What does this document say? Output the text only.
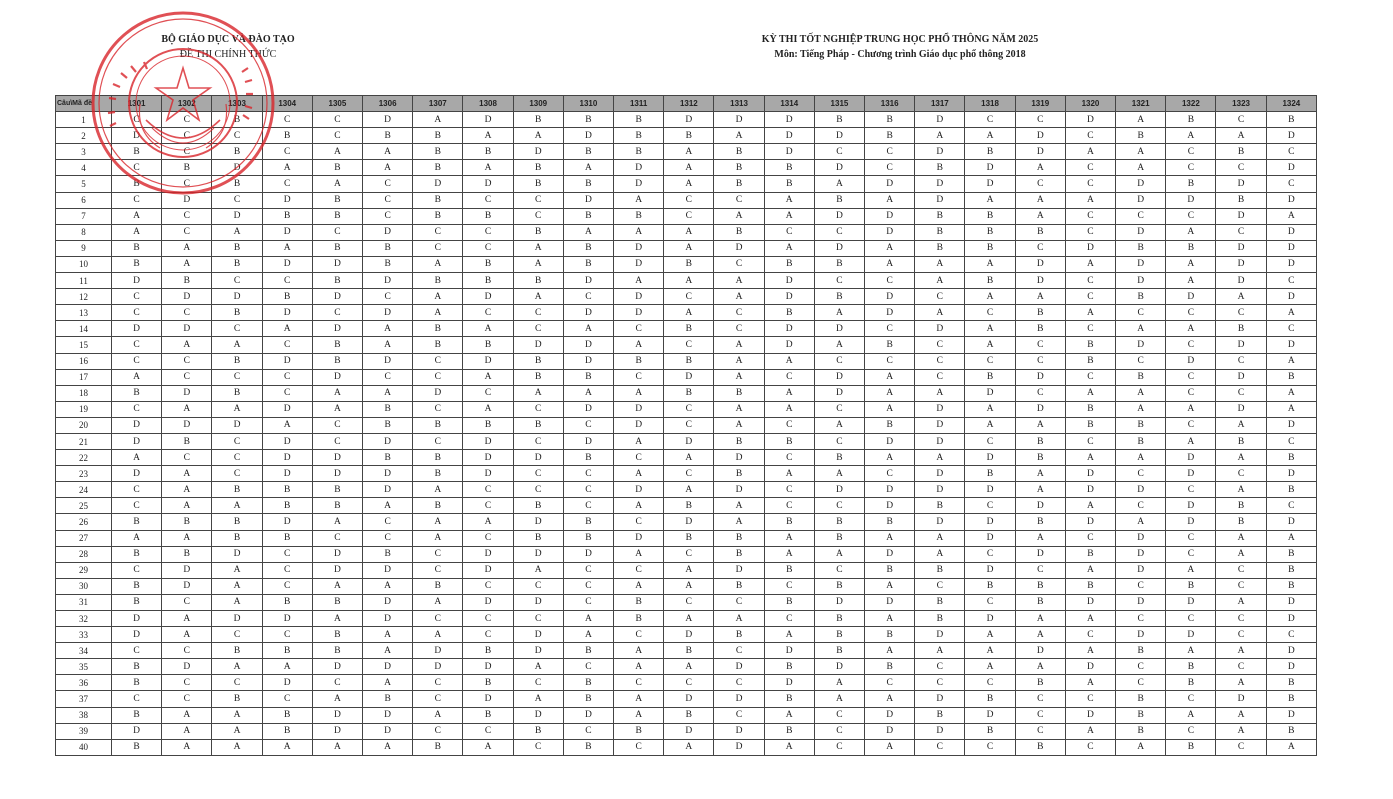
BỘ GIÁO DỤC VÀ ĐÀO TẠO
ĐỀ THI CHÍNH THỨC
KỲ THI TỐT NGHIỆP TRUNG HỌC PHỔ THÔNG NĂM 2025
Môn: Tiếng Pháp - Chương trình Giáo dục phổ thông 2018
Câu\Mã đề	1301	1302	1303	1304	1305	1306	1307	1308	1309	1310	1311	1312	1313	1314	1315	1316	1317	1318	1319	1320	1321	1322	1323	1324
1	C	C	B	C	C	D	A	D	B	B	B	D	D	D	B	B	D	C	C	D	A	B	C	B
2	D	C	C	B	C	B	B	A	A	D	B	B	A	D	D	B	A	A	D	C	B	A	A	D
3	B	C	B	C	A	A	B	B	D	B	B	A	B	D	C	C	D	B	D	A	A	C	B	C
4	C	B	D	A	B	A	B	A	B	A	D	A	B	B	D	C	B	D	A	C	A	C	C	D
5	B	C	B	C	A	C	D	D	B	B	D	A	B	B	A	D	D	D	C	C	D	B	D	C
6	C	D	C	D	B	C	B	C	C	D	A	C	C	A	B	A	D	A	A	A	D	D	B	D
7	A	C	D	B	B	C	B	B	C	B	B	C	A	A	D	D	B	B	A	C	C	C	D	A
8	A	C	A	D	C	D	C	C	B	A	A	A	B	C	C	D	B	B	B	C	D	A	C	D
9	B	A	B	A	B	B	C	C	A	B	D	A	D	A	D	A	B	B	C	D	B	B	D	D
10	B	A	B	D	D	B	A	B	A	B	D	B	C	B	B	A	A	A	D	A	D	A	D	D
11	D	B	C	C	B	D	B	B	B	D	A	A	A	D	C	C	A	B	D	C	D	A	D	C
12	C	D	D	B	D	C	A	D	A	C	D	C	A	D	B	D	C	A	A	C	B	D	A	D
13	C	C	B	D	C	D	A	C	C	D	D	A	C	B	A	D	A	C	B	A	C	C	C	A
14	D	D	C	A	D	A	B	A	C	A	C	B	C	D	D	C	D	A	B	C	A	A	B	C
15	C	A	A	C	B	A	B	B	D	D	A	C	A	D	A	B	C	A	C	B	D	C	D	D
16	C	C	B	D	B	D	C	D	B	D	B	B	A	A	C	C	C	C	C	B	C	D	C	A
17	A	C	C	C	D	C	C	A	B	B	C	D	A	C	D	A	C	B	D	C	B	C	D	B
18	B	D	B	C	A	A	D	C	A	A	A	B	B	A	D	A	A	D	C	A	A	C	C	A
19	C	A	A	D	A	B	C	A	C	D	D	C	A	A	C	A	D	A	D	B	A	A	D	A
20	D	D	D	A	C	B	B	B	B	C	D	C	A	C	A	B	D	A	A	B	B	C	A	D
21	D	B	C	D	C	D	C	D	C	D	A	D	B	B	C	D	D	C	B	C	B	A	B	C
22	A	C	C	D	D	B	B	D	D	B	C	A	D	C	B	A	A	D	B	A	A	D	A	B
23	D	A	C	D	D	D	B	D	C	C	A	C	B	A	A	C	D	B	A	D	C	D	C	D
24	C	A	B	B	B	D	A	C	C	C	D	A	D	C	D	D	D	D	A	D	D	C	A	B
25	C	A	A	B	B	A	B	C	B	C	A	B	A	C	C	D	B	C	D	A	C	D	B	C
26	B	B	B	D	A	C	A	A	D	B	C	D	A	B	B	B	D	D	B	D	A	D	B	D
27	A	A	B	B	C	C	A	C	B	B	D	B	B	A	B	A	A	D	A	C	D	C	A	A
28	B	B	D	C	D	B	C	D	D	D	A	C	B	A	A	D	A	C	D	B	D	C	A	B
29	C	D	A	C	D	D	C	D	A	C	C	A	D	B	C	B	B	D	C	A	D	A	C	B
30	B	D	A	C	A	A	B	C	C	C	A	A	B	C	B	A	C	B	B	B	C	B	C	B
31	B	C	A	B	B	D	A	D	D	C	B	C	C	B	D	D	B	C	B	D	D	D	A	D
32	D	A	D	D	A	D	C	C	C	A	B	A	A	C	B	A	B	D	A	A	C	C	C	D
33	D	A	C	C	B	A	A	C	D	A	C	D	B	A	B	B	D	A	A	C	D	D	C	C
34	C	C	B	B	B	A	D	B	D	B	A	B	C	D	B	A	A	A	D	A	B	A	A	D
35	B	D	A	A	D	D	D	D	A	C	A	A	D	B	D	B	C	A	A	D	C	B	C	D
36	B	C	C	D	C	A	C	B	C	B	C	C	C	D	A	C	C	C	B	A	C	B	A	B
37	C	C	B	C	A	B	C	D	A	B	A	D	D	B	A	A	D	B	C	C	B	C	D	B
38	B	A	A	B	D	D	A	B	D	D	A	B	C	A	C	D	B	D	C	D	B	A	A	D
39	D	A	A	B	D	D	C	C	B	C	B	D	D	B	C	D	D	B	C	A	B	C	A	B
40	B	A	A	A	A	A	B	A	C	B	C	A	D	A	C	A	C	C	B	C	A	B	C	A
